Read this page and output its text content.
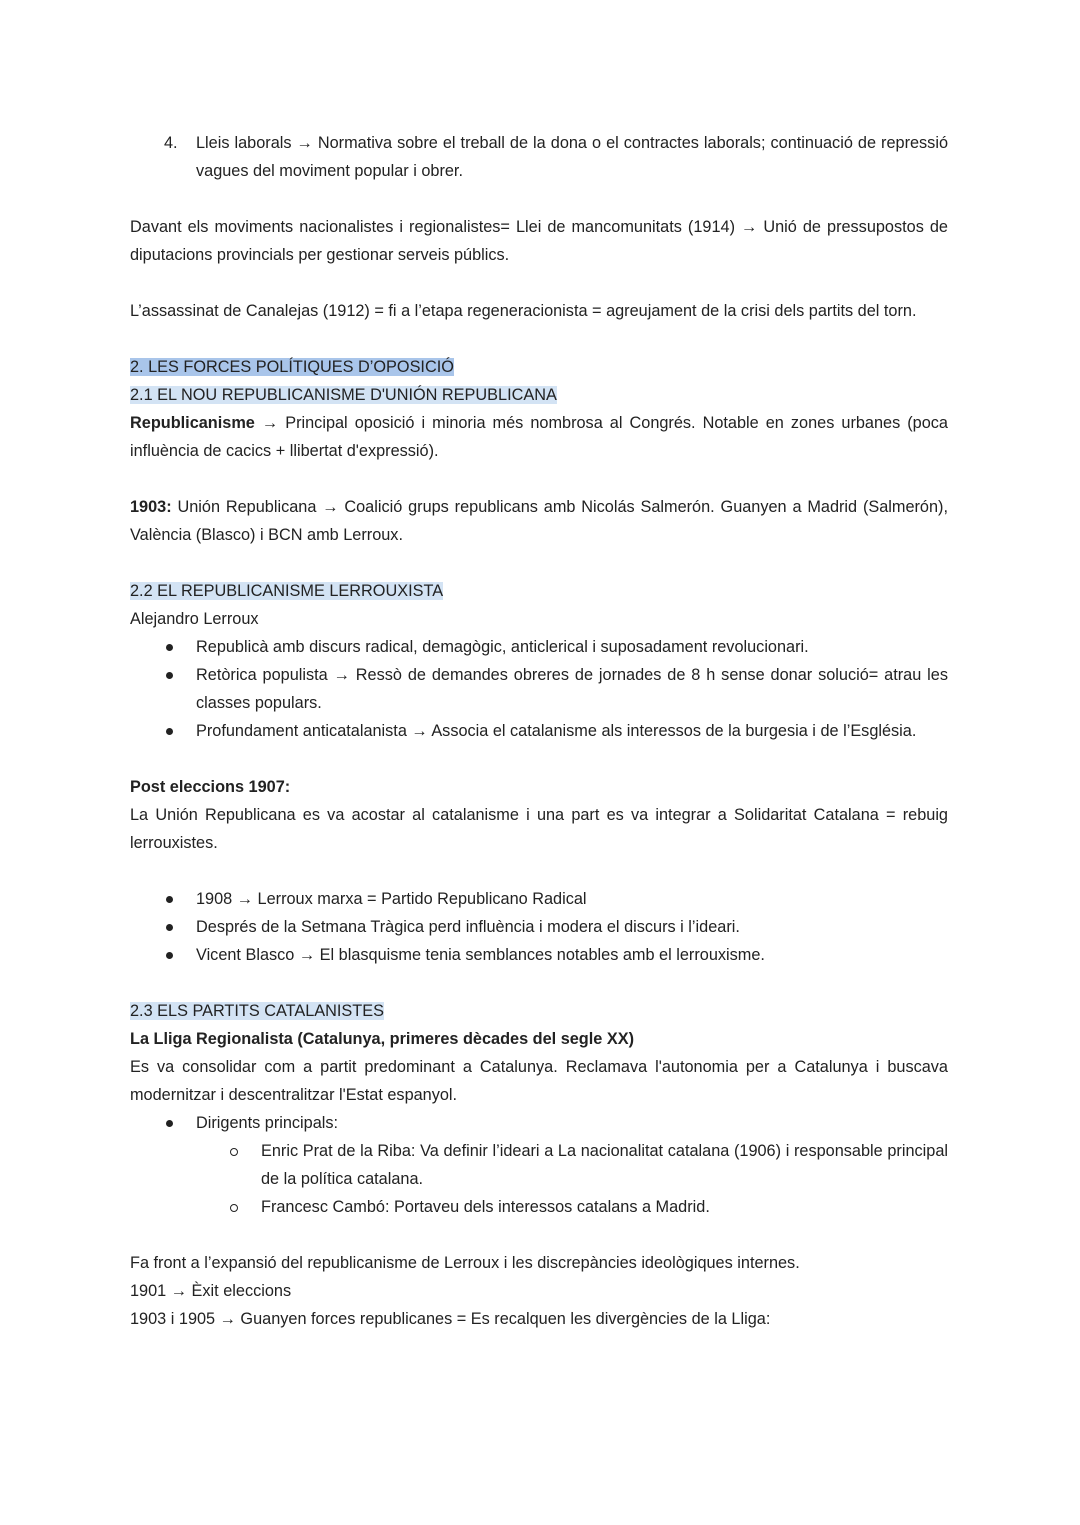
4. Lleis laborals → Normativa sobre el treball de la dona o el contractes laborals; continuació de repressió vagues del moviment popular i obrer.

Davant els moviments nacionalistes i regionalistes= Llei de mancomunitats (1914) → Unió de pressupostos de diputacions provincials per gestionar serveis públics.

L’assassinat de Canalejas (1912) = fi a l’etapa regeneracionista = agreujament de la crisi dels partits del torn.

2. LES FORCES POLÍTIQUES D’OPOSICIÓ

2.1 EL NOU REPUBLICANISME D'UNIÓN REPUBLICANA

Republicanisme → Principal oposició i minoria més nombrosa al Congrés. Notable en zones urbanes (poca influència de cacics + llibertat d'expressió).

1903: Unión Republicana → Coalició grups republicans amb Nicolás Salmerón. Guanyen a Madrid (Salmerón), València (Blasco) i BCN amb Lerroux.

2.2 EL REPUBLICANISME LERROUXISTA

Alejandro Lerroux

Republicà amb discurs radical, demagògic, anticlerical i suposadament revolucionari.
Retòrica populista → Ressò de demandes obreres de jornades de 8 h sense donar solució= atrau les classes populars.
Profundament anticatalanista → Associa el catalanisme als interessos de la burgesia i de l’Església.

Post eleccions 1907:

La Unión Republicana es va acostar al catalanisme i una part es va integrar a Solidaritat Catalana = rebuig lerrouxistes.

1908 → Lerroux marxa = Partido Republicano Radical
Després de la Setmana Tràgica perd influència i modera el discurs i l’ideari.
Vicent Blasco → El blasquisme tenia semblances notables amb el lerrouxisme.

2.3 ELS PARTITS CATALANISTES

La Lliga Regionalista (Catalunya, primeres dècades del segle XX)

Es va consolidar com a partit predominant a Catalunya. Reclamava l'autonomia per a Catalunya i buscava modernitzar i descentralitzar l'Estat espanyol.

Dirigents principals:
Enric Prat de la Riba: Va definir l’ideari a La nacionalitat catalana (1906) i responsable principal de la política catalana.
Francesc Cambó: Portaveu dels interessos catalans a Madrid.

Fa front a l’expansió del republicanisme de Lerroux i les discrepàncies ideològiques internes.

1901 → Èxit eleccions

1903 i 1905 → Guanyen forces republicanes = Es recalquen les divergències de la Lliga:
